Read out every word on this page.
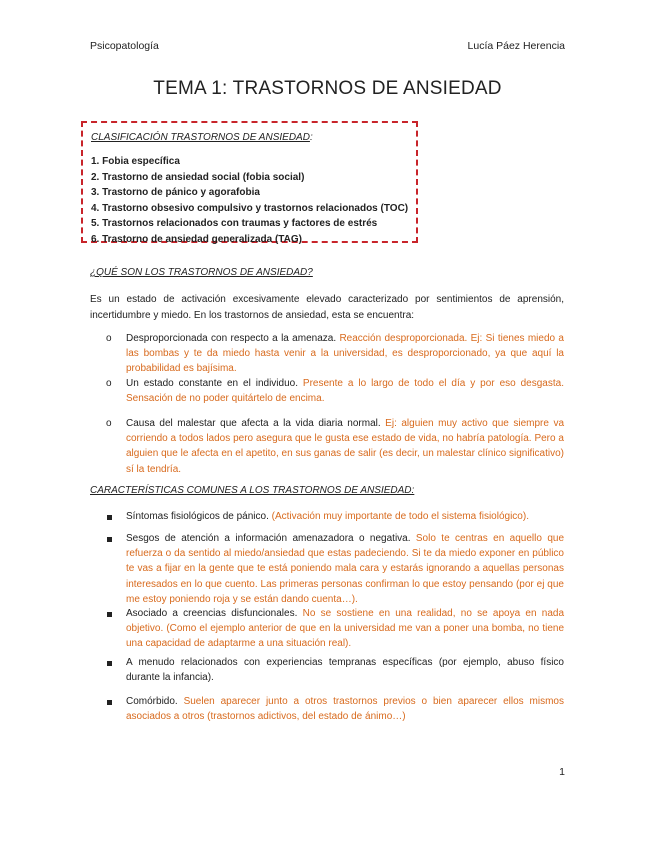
Psicopatología	Lucía Páez Herencia
TEMA 1: TRASTORNOS DE ANSIEDAD
CLASIFICACIÓN TRASTORNOS DE ANSIEDAD:
1. Fobia específica
2. Trastorno de ansiedad social (fobia social)
3. Trastorno de pánico y agorafobia
4. Trastorno obsesivo compulsivo y trastornos relacionados (TOC)
5. Trastornos relacionados con traumas y factores de estrés
6. Trastorno de ansiedad generalizada (TAG)
¿QUÉ SON LOS TRASTORNOS DE ANSIEDAD?
Es un estado de activación excesivamente elevado caracterizado por sentimientos de aprensión, incertidumbre y miedo. En los trastornos de ansiedad, esta se encuentra:
o Desproporcionada con respecto a la amenaza. Reacción desproporcionada. Ej: Si tienes miedo a las bombas y te da miedo hasta venir a la universidad, es desproporcionado, ya que aquí la probabilidad es bajísima.
o Un estado constante en el individuo. Presente a lo largo de todo el día y por eso desgasta. Sensación de no poder quitártelo de encima.
o Causa del malestar que afecta a la vida diaria normal. Ej: alguien muy activo que siempre va corriendo a todos lados pero asegura que le gusta ese estado de vida, no habría patología. Pero a alguien que le afecta en el apetito, en sus ganas de salir (es decir, un malestar clínico significativo) sí la tendría.
CARACTERÍSTICAS COMUNES A LOS TRASTORNOS DE ANSIEDAD:
Síntomas fisiológicos de pánico. (Activación muy importante de todo el sistema fisiológico).
Sesgos de atención a información amenazadora o negativa. Solo te centras en aquello que refuerza o da sentido al miedo/ansiedad que estas padeciendo. Si te da miedo exponer en público te vas a fijar en la gente que te está poniendo mala cara y estarás ignorando a aquellas personas interesados en lo que cuento. Las primeras personas confirman lo que estoy pensando (por ej que me estoy poniendo roja y se están dando cuenta…).
Asociado a creencias disfuncionales. No se sostiene en una realidad, no se apoya en nada objetivo. (Como el ejemplo anterior de que en la universidad me van a poner una bomba, no tiene una capacidad de adaptarme a una situación real).
A menudo relacionados con experiencias tempranas específicas (por ejemplo, abuso físico durante la infancia).
Comórbido. Suelen aparecer junto a otros trastornos previos o bien aparecer ellos mismos asociados a otros (trastornos adictivos, del estado de ánimo…)
1
